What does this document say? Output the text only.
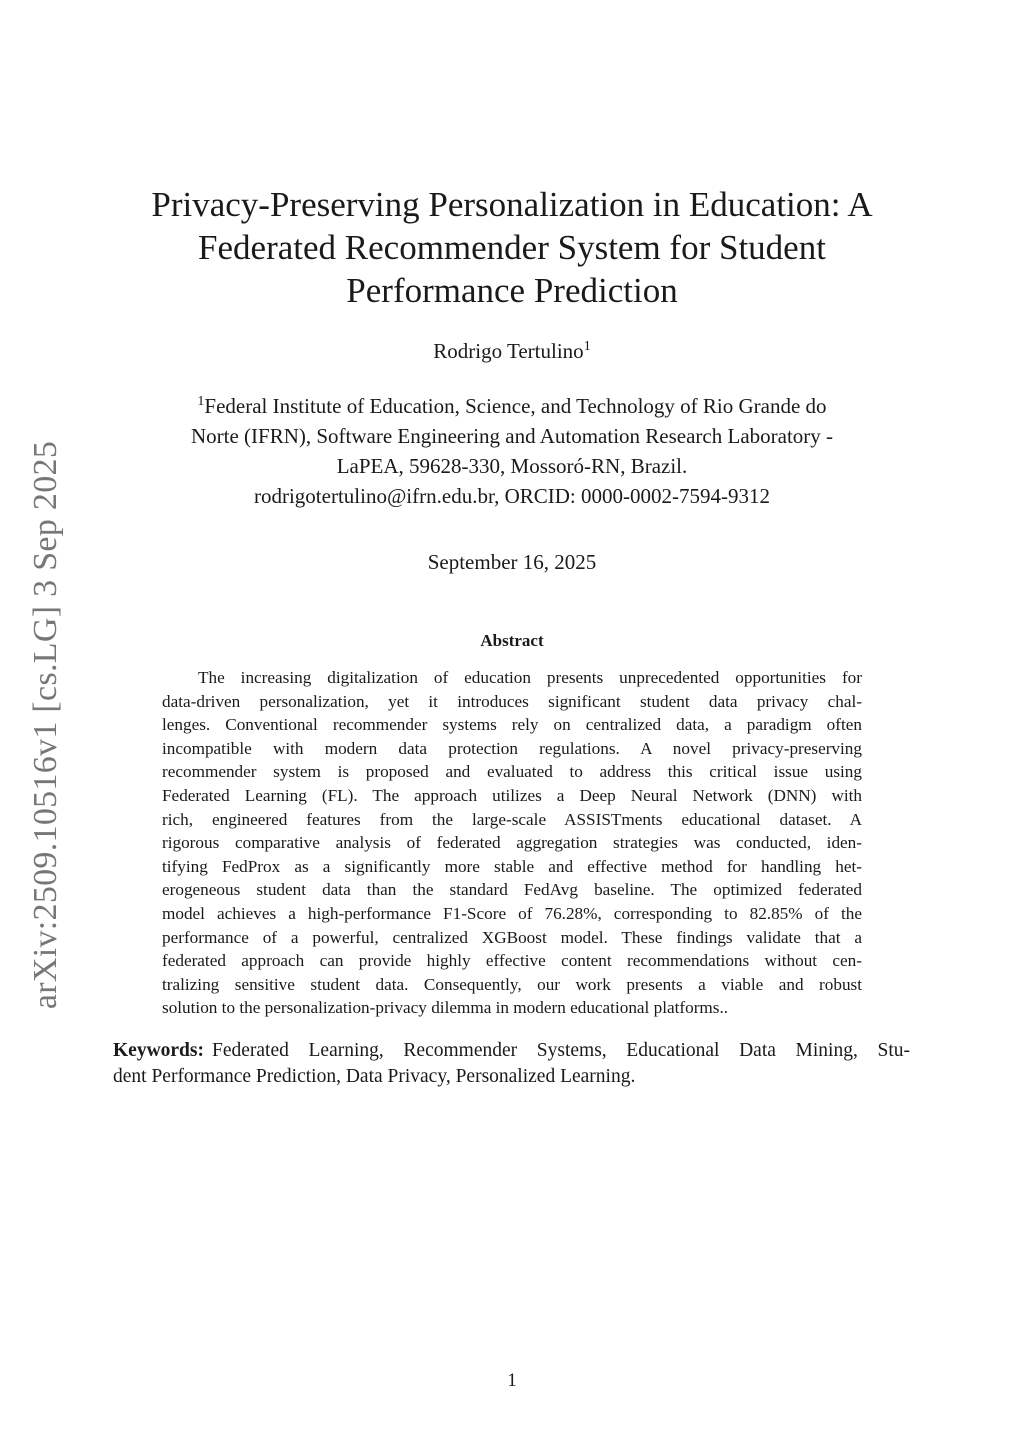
arXiv:2509.10516v1 [cs.LG] 3 Sep 2025
Privacy-Preserving Personalization in Education: A
Federated Recommender System for Student
Performance Prediction
Rodrigo Tertulino$^1$
$^1$Federal Institute of Education, Science, and Technology of Rio Grande do
Norte (IFRN), Software Engineering and Automation Research Laboratory -
LaPEA, 59628-330, Mossoró-RN, Brazil.
rodrigotertulino@ifrn.edu.br, ORCID: 0000-0002-7594-9312
September 16, 2025
Abstract
The increasing digitalization of education presents unprecedented opportunities for
data-driven personalization, yet it introduces significant student data privacy chal-
lenges. Conventional recommender systems rely on centralized data, a paradigm often
incompatible with modern data protection regulations. A novel privacy-preserving
recommender system is proposed and evaluated to address this critical issue using
Federated Learning (FL). The approach utilizes a Deep Neural Network (DNN) with
rich, engineered features from the large-scale ASSISTments educational dataset. A
rigorous comparative analysis of federated aggregation strategies was conducted, iden-
tifying FedProx as a significantly more stable and effective method for handling het-
erogeneous student data than the standard FedAvg baseline. The optimized federated
model achieves a high-performance F1-Score of 76.28%, corresponding to 82.85% of the
performance of a powerful, centralized XGBoost model. These findings validate that a
federated approach can provide highly effective content recommendations without cen-
tralizing sensitive student data. Consequently, our work presents a viable and robust
solution to the personalization-privacy dilemma in modern educational platforms..
Keywords: Federated Learning, Recommender Systems, Educational Data Mining, Stu-
dent Performance Prediction, Data Privacy, Personalized Learning.
1
